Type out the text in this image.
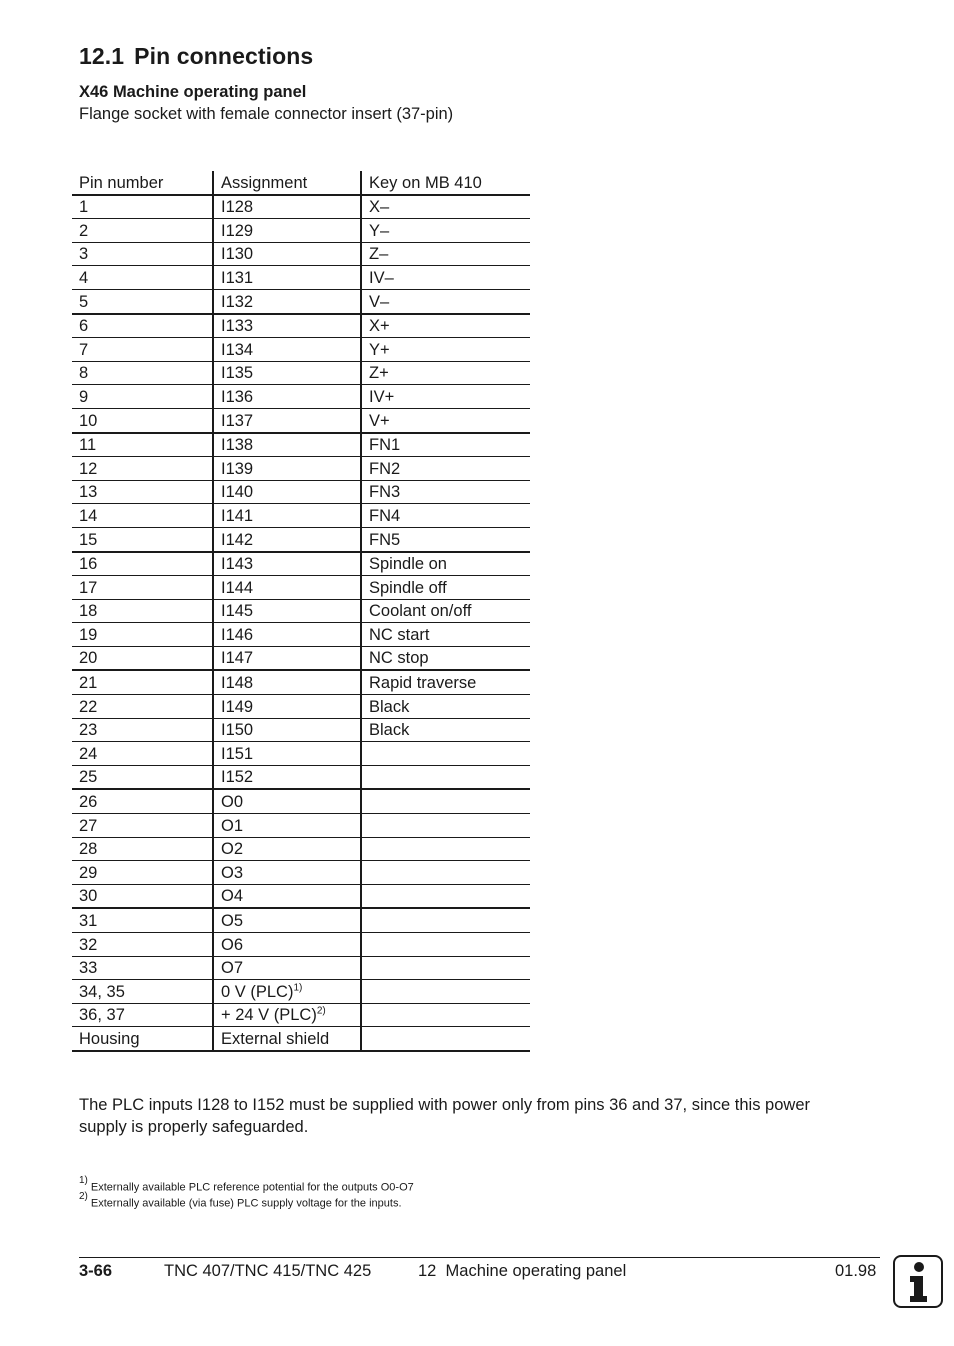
12.1 Pin connections

X46 Machine operating panel

Flange socket with female connector insert (37-pin)

Pin number	Assignment	Key on MB 410
1	I128	X–
2	I129	Y–
3	I130	Z–
4	I131	IV–
5	I132	V–
6	I133	X+
7	I134	Y+
8	I135	Z+
9	I136	IV+
10	I137	V+
11	I138	FN1
12	I139	FN2
13	I140	FN3
14	I141	FN4
15	I142	FN5
16	I143	Spindle on
17	I144	Spindle off
18	I145	Coolant on/off
19	I146	NC start
20	I147	NC stop
21	I148	Rapid traverse
22	I149	Black
23	I150	Black
24	I151	
25	I152	
26	O0	
27	O1	
28	O2	
29	O3	
30	O4	
31	O5	
32	O6	
33	O7	
34, 35	0 V (PLC)$^{1)}$	
36, 37	+ 24 V (PLC)$^{2)}$	
Housing	External shield	

The PLC inputs I128 to I152 must be supplied with power only from pins 36 and 37, since this power supply is properly safeguarded.

$^{1)}$Externally available PLC reference potential for the outputs O0-O7
$^{2)}$Externally available (via fuse) PLC supply voltage for the inputs.
3-66	TNC 407/TNC 415/TNC 425	12  Machine operating panel	01.98
